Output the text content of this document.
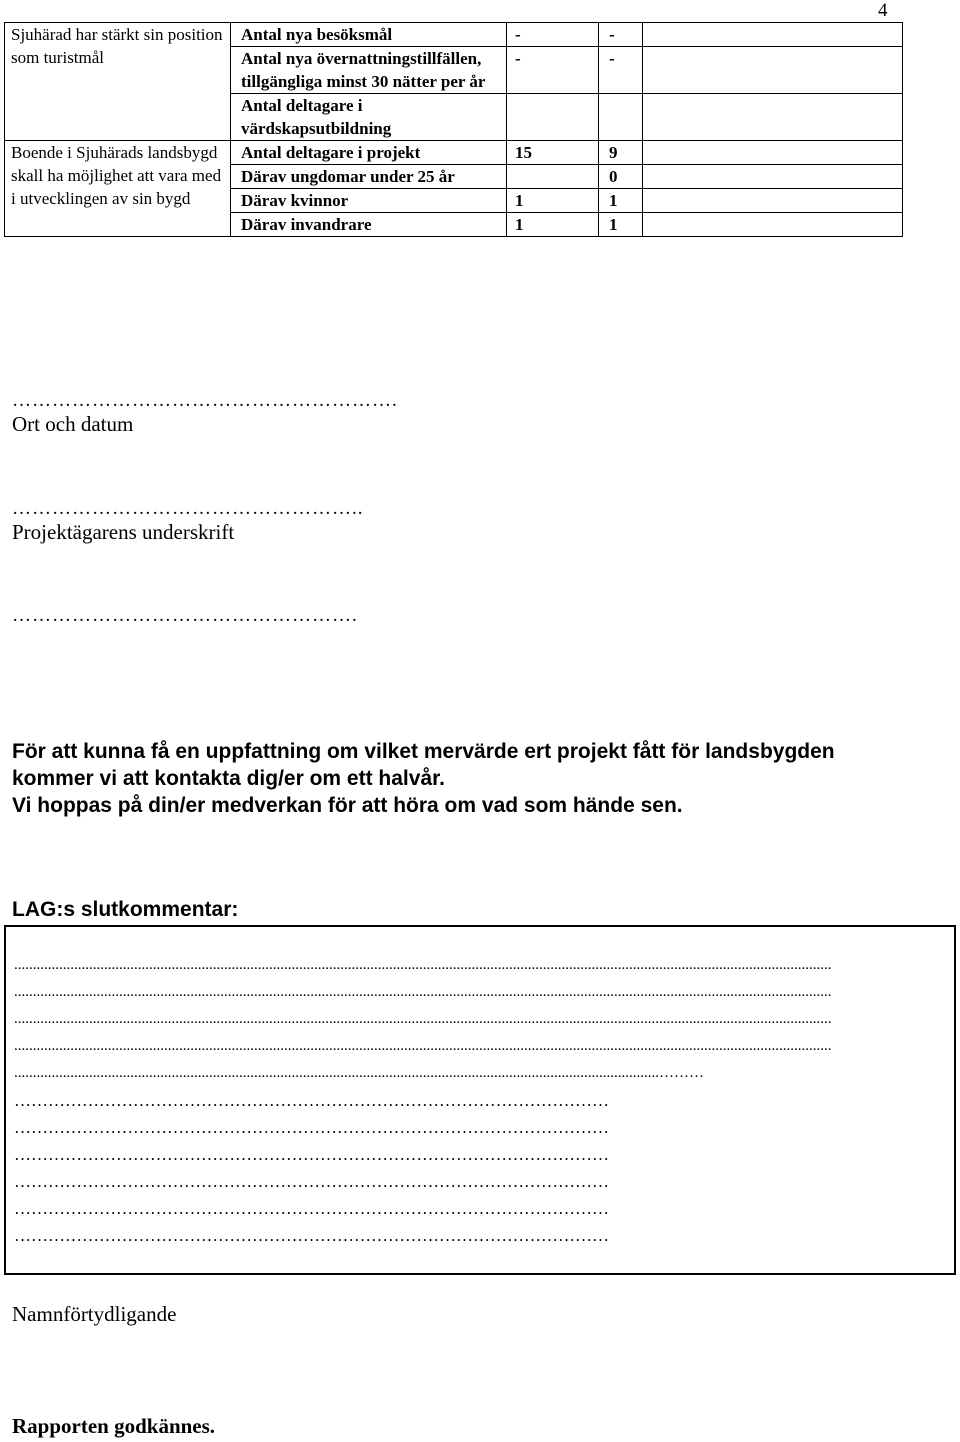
4
Sjuhärad har stärkt sin position som turistmål	Antal nya besöksmål	-	-	
	Antal nya övernattningstillfällen, tillgängliga minst 30 nätter per år	-	-	
	Antal deltagare i värdskapsutbildning			
Boende i Sjuhärads landsbygd skall ha möjlighet att vara med i utvecklingen av sin bygd	Antal deltagare i projekt	15	9	
	Därav ungdomar under 25 år		0	
	Därav kvinnor	1	1	
	Därav invandrare	1	1	
………………………………………………….
Ort och datum
……………………………………………..
Projektägarens underskrift
…………………………………………….
För att kunna få en uppfattning om vilket mervärde ert projekt fått för landsbygden
kommer vi att kontakta dig/er om ett halvår.
Vi hoppas på din/er medverkan för att höra om vad som hände sen.
LAG:s slutkommentar:
..........................................................................................................................................................................................................................
..........................................................................................................................................................................................................................
..........................................................................................................................................................................................................................
..........................................................................................................................................................................................................................
............................................................................................................................................................................………
……………………………………………………………………………………………
……………………………………………………………………………………………
……………………………………………………………………………………………
……………………………………………………………………………………………
……………………………………………………………………………………………
……………………………………………………………………………………………
Namnförtydligande
Rapporten godkännes.
